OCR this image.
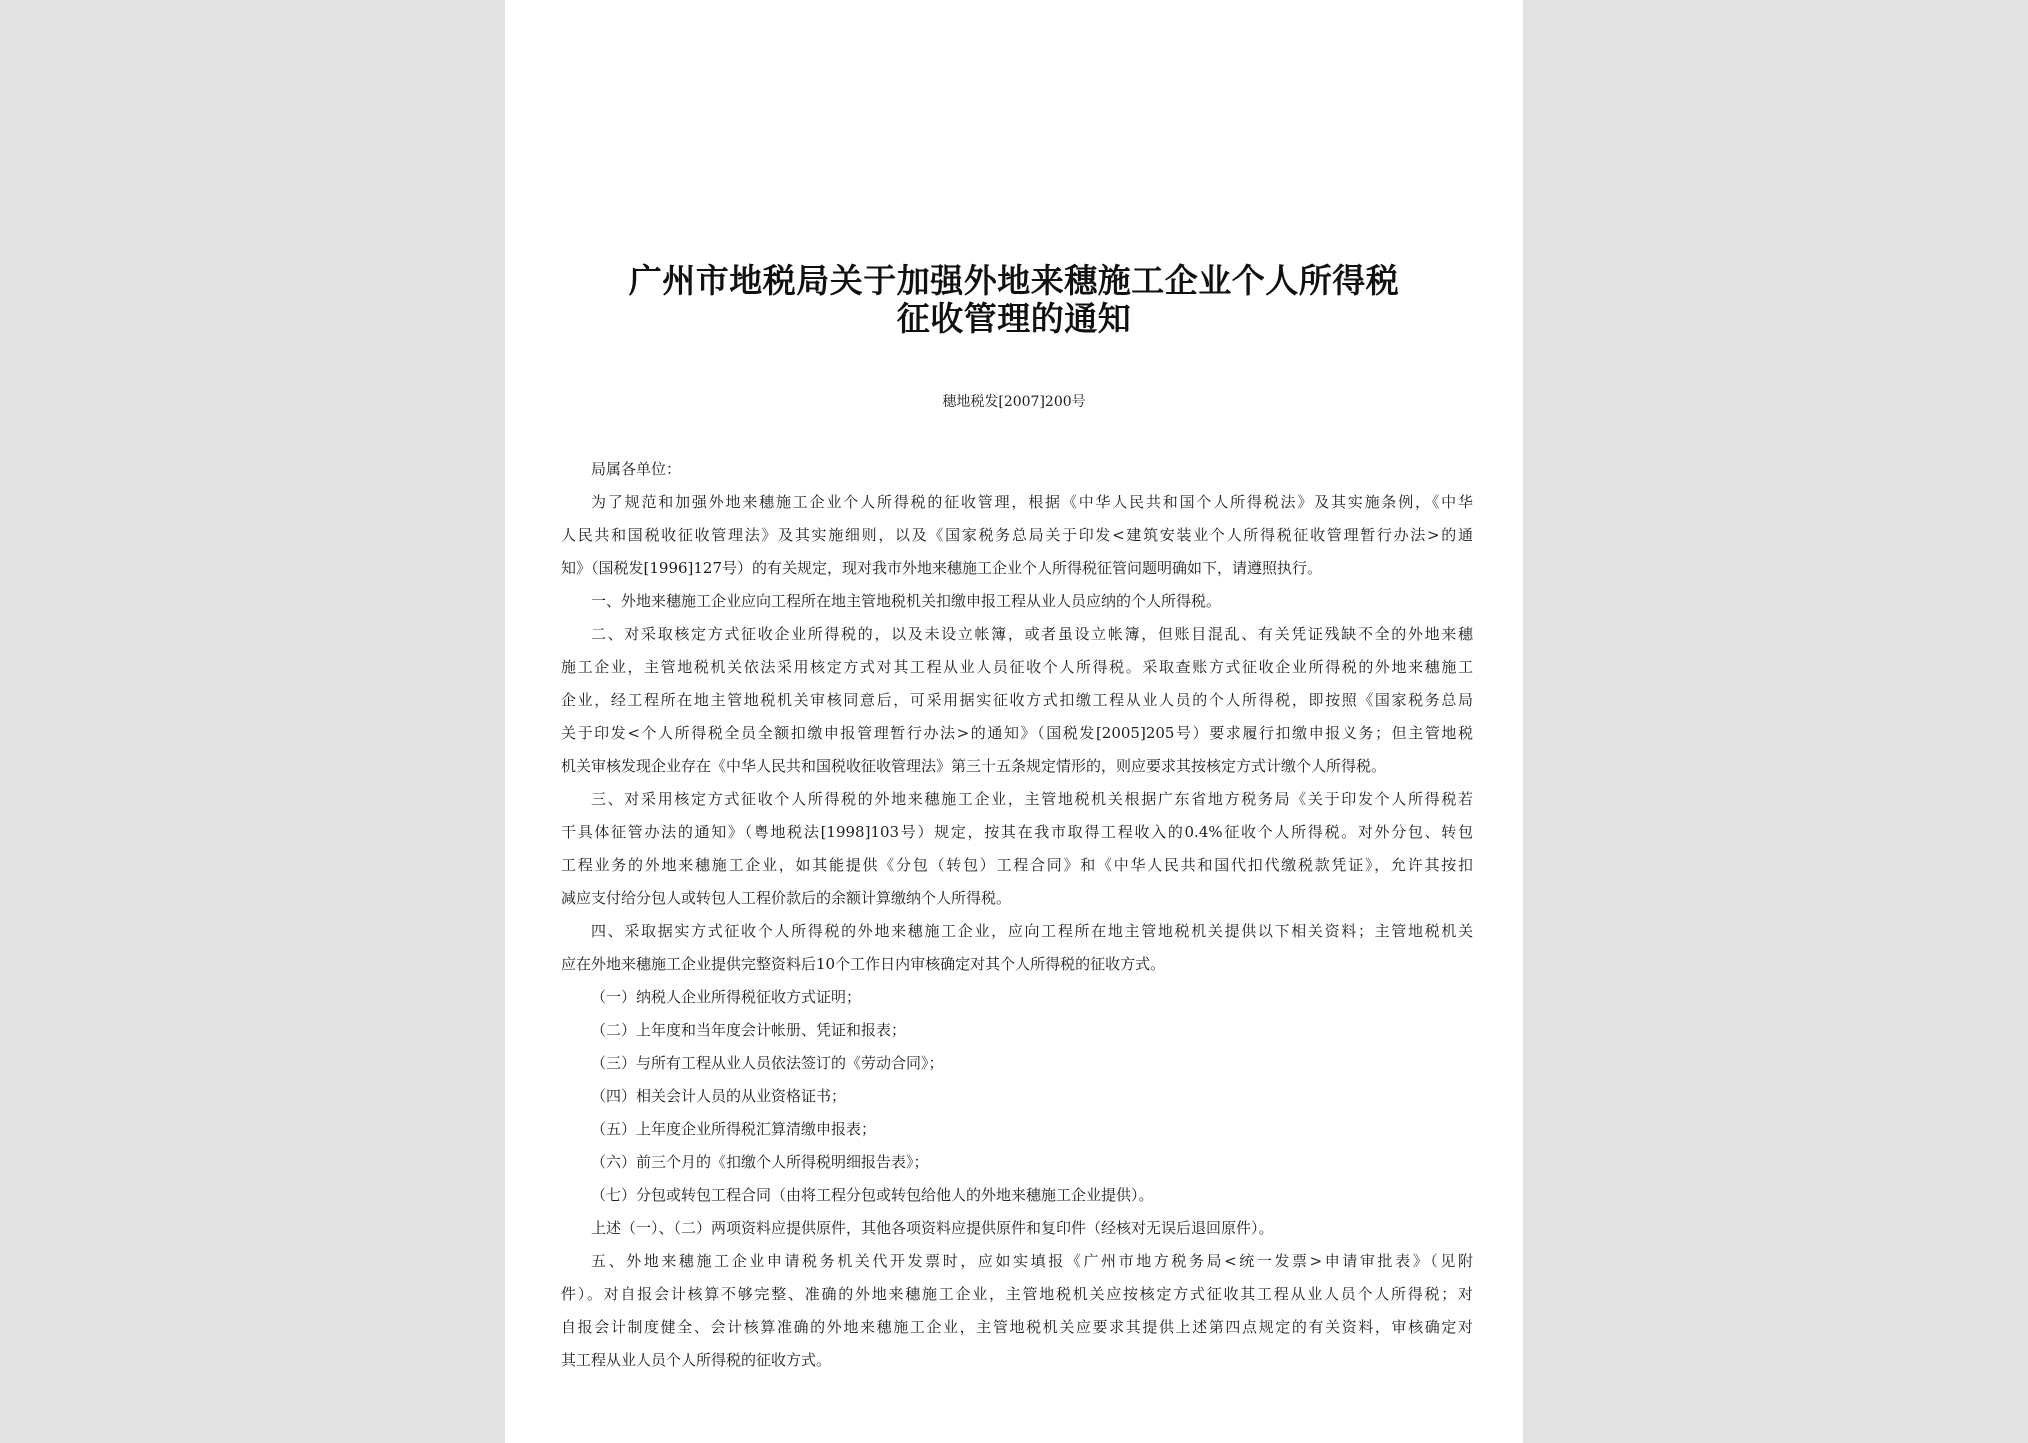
广州市地税局关于加强外地来穗施工企业个人所得税
征收管理的通知
穗地税发[2007]200号
局属各单位：
为了规范和加强外地来穗施工企业个人所得税的征收管理，根据《中华人民共和国个人所得税法》及其实施条例，《中华
人民共和国税收征收管理法》及其实施细则，以及《国家税务总局关于印发<建筑安装业个人所得税征收管理暂行办法>的通
知》（国税发[1996]127号）的有关规定，现对我市外地来穗施工企业个人所得税征管问题明确如下，请遵照执行。
一、外地来穗施工企业应向工程所在地主管地税机关扣缴申报工程从业人员应纳的个人所得税。
二、对采取核定方式征收企业所得税的，以及未设立帐簿，或者虽设立帐簿，但账目混乱、有关凭证残缺不全的外地来穗
施工企业，主管地税机关依法采用核定方式对其工程从业人员征收个人所得税。采取查账方式征收企业所得税的外地来穗施工
企业，经工程所在地主管地税机关审核同意后，可采用据实征收方式扣缴工程从业人员的个人所得税，即按照《国家税务总局
关于印发<个人所得税全员全额扣缴申报管理暂行办法>的通知》（国税发[2005]205号）要求履行扣缴申报义务；但主管地税
机关审核发现企业存在《中华人民共和国税收征收管理法》第三十五条规定情形的，则应要求其按核定方式计缴个人所得税。
三、对采用核定方式征收个人所得税的外地来穗施工企业，主管地税机关根据广东省地方税务局《关于印发个人所得税若
干具体征管办法的通知》（粤地税法[1998]103号）规定，按其在我市取得工程收入的0.4%征收个人所得税。对外分包、转包
工程业务的外地来穗施工企业，如其能提供《分包（转包）工程合同》和《中华人民共和国代扣代缴税款凭证》，允许其按扣
减应支付给分包人或转包人工程价款后的余额计算缴纳个人所得税。
四、采取据实方式征收个人所得税的外地来穗施工企业，应向工程所在地主管地税机关提供以下相关资料；主管地税机关
应在外地来穗施工企业提供完整资料后10个工作日内审核确定对其个人所得税的征收方式。
（一）纳税人企业所得税征收方式证明；
（二）上年度和当年度会计帐册、凭证和报表；
（三）与所有工程从业人员依法签订的《劳动合同》；
（四）相关会计人员的从业资格证书；
（五）上年度企业所得税汇算清缴申报表；
（六）前三个月的《扣缴个人所得税明细报告表》；
（七）分包或转包工程合同（由将工程分包或转包给他人的外地来穗施工企业提供）。
上述（一）、（二）两项资料应提供原件，其他各项资料应提供原件和复印件（经核对无误后退回原件）。
五、外地来穗施工企业申请税务机关代开发票时，应如实填报《广州市地方税务局<统一发票>申请审批表》（见附
件）。对自报会计核算不够完整、准确的外地来穗施工企业，主管地税机关应按核定方式征收其工程从业人员个人所得税；对
自报会计制度健全、会计核算准确的外地来穗施工企业，主管地税机关应要求其提供上述第四点规定的有关资料，审核确定对
其工程从业人员个人所得税的征收方式。
